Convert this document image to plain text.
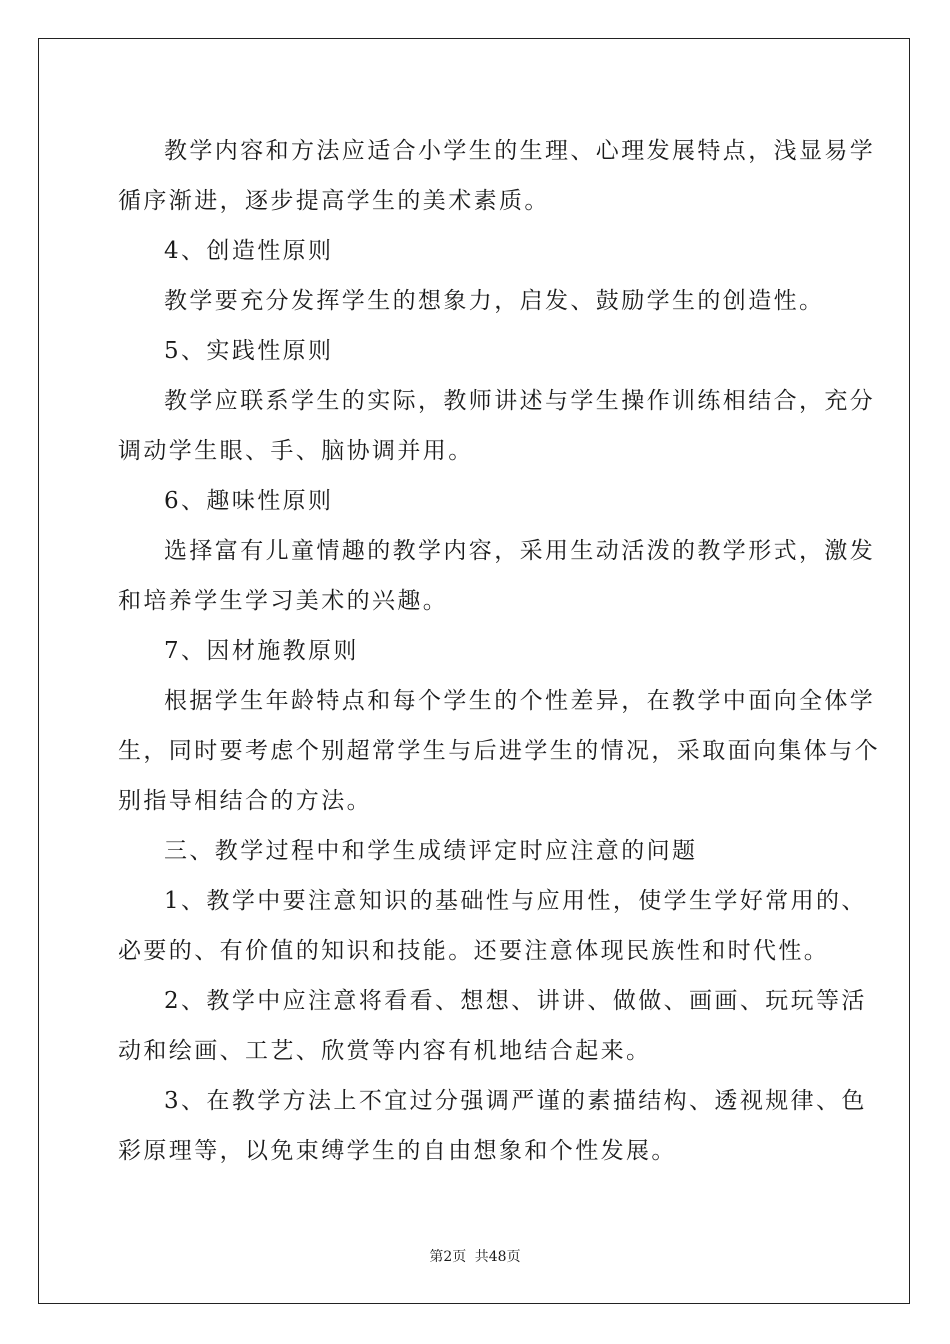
教学内容和方法应适合小学生的生理、心理发展特点，浅显易学
循序渐进，逐步提高学生的美术素质。
4、创造性原则
教学要充分发挥学生的想象力，启发、鼓励学生的创造性。
5、实践性原则
教学应联系学生的实际，教师讲述与学生操作训练相结合，充分
调动学生眼、手、脑协调并用。
6、趣味性原则
选择富有儿童情趣的教学内容，采用生动活泼的教学形式，激发
和培养学生学习美术的兴趣。
7、因材施教原则
根据学生年龄特点和每个学生的个性差异，在教学中面向全体学
生，同时要考虑个别超常学生与后进学生的情况，采取面向集体与个
别指导相结合的方法。
三、教学过程中和学生成绩评定时应注意的问题
1、教学中要注意知识的基础性与应用性，使学生学好常用的、
必要的、有价值的知识和技能。还要注意体现民族性和时代性。
2、教学中应注意将看看、想想、讲讲、做做、画画、玩玩等活
动和绘画、工艺、欣赏等内容有机地结合起来。
3、在教学方法上不宜过分强调严谨的素描结构、透视规律、色
彩原理等，以免束缚学生的自由想象和个性发展。
第2页 共48页
